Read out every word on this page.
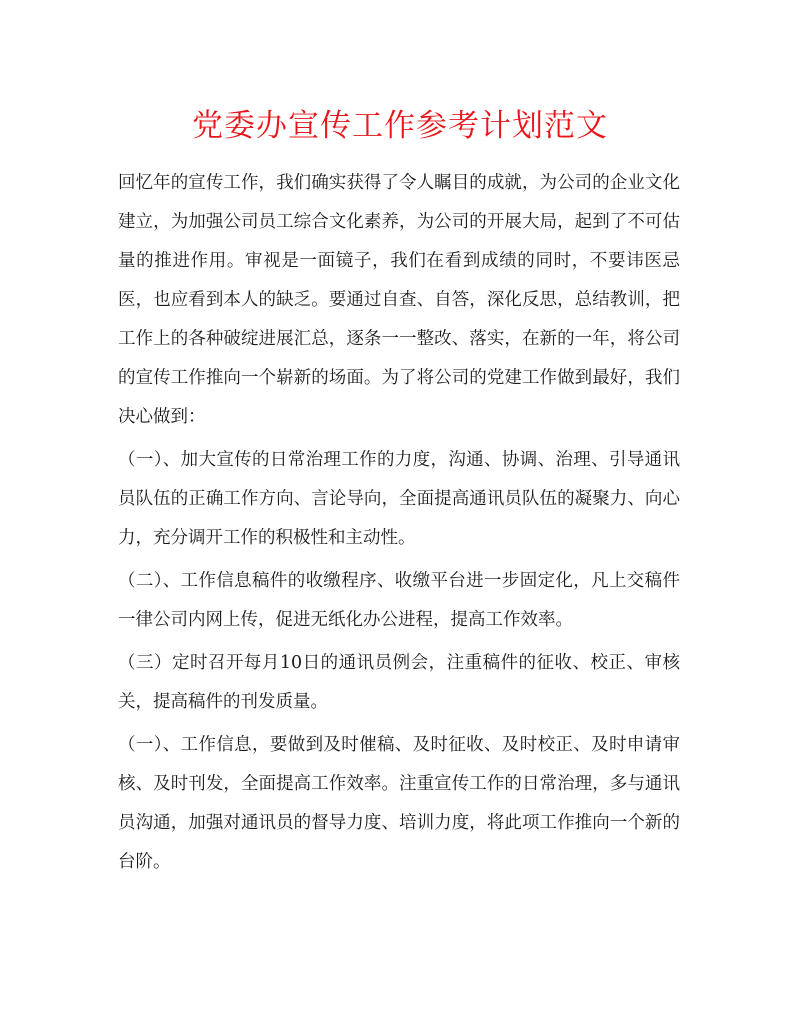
党委办宣传工作参考计划范文

回忆年的宣传工作，我们确实获得了令人瞩目的成就，为公司的企业文化建立，为加强公司员工综合文化素养，为公司的开展大局，起到了不可估量的推进作用。审视是一面镜子，我们在看到成绩的同时，不要讳医忌医，也应看到本人的缺乏。要通过自查、自答，深化反思，总结教训，把工作上的各种破绽进展汇总，逐条一一整改、落实，在新的一年，将公司的宣传工作推向一个崭新的场面。为了将公司的党建工作做到最好，我们决心做到：

（一）、加大宣传的日常治理工作的力度，沟通、协调、治理、引导通讯员队伍的正确工作方向、言论导向，全面提高通讯员队伍的凝聚力、向心力，充分调开工作的积极性和主动性。

（二）、工作信息稿件的收缴程序、收缴平台进一步固定化，凡上交稿件一律公司内网上传，促进无纸化办公进程，提高工作效率。

（三）定时召开每月10日的通讯员例会，注重稿件的征收、校正、审核关，提高稿件的刊发质量。

（一）、工作信息，要做到及时催稿、及时征收、及时校正、及时申请审核、及时刊发，全面提高工作效率。注重宣传工作的日常治理，多与通讯员沟通，加强对通讯员的督导力度、培训力度，将此项工作推向一个新的台阶。
